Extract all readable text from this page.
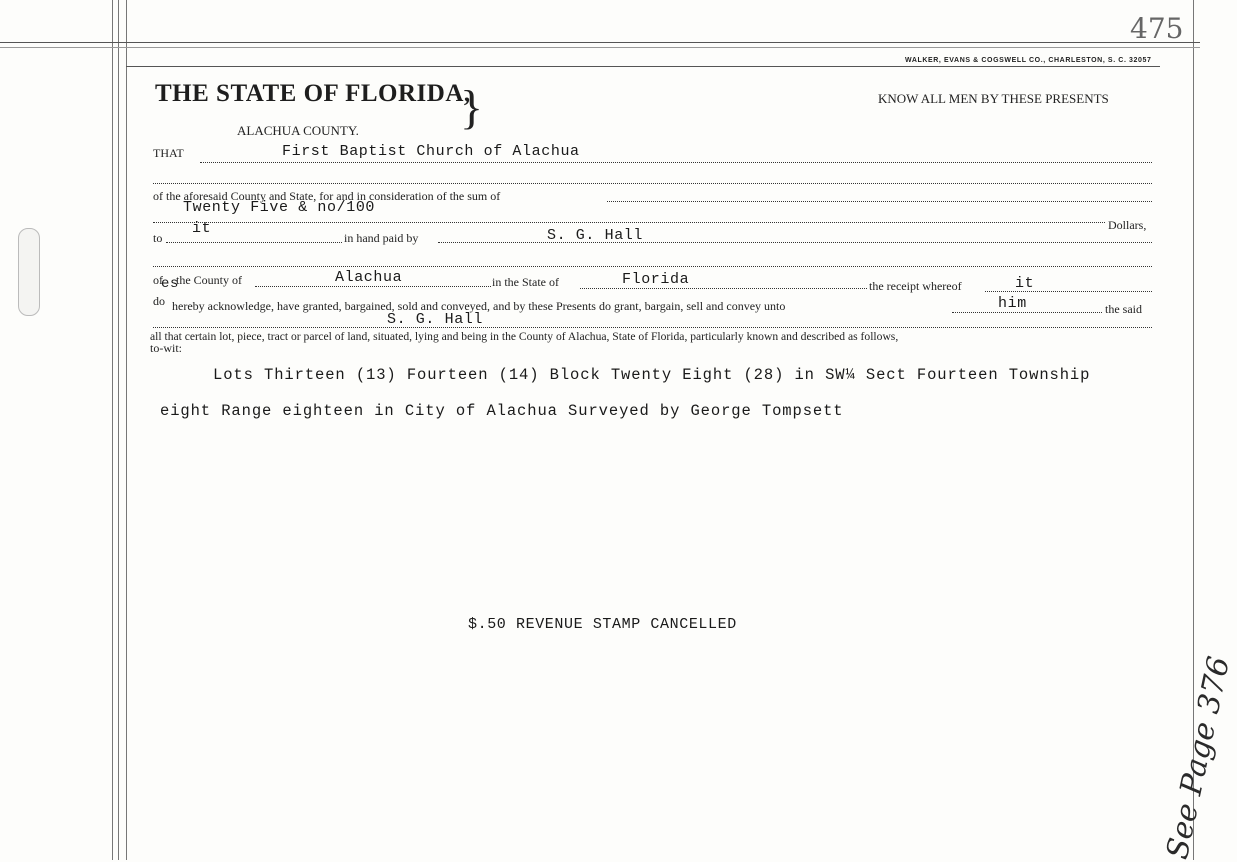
475
WALKER, EVANS & COGSWELL CO., CHARLESTON, S. C. 32057
THE STATE OF FLORIDA,
}	KNOW ALL MEN BY THESE PRESENTS
ALACHUA COUNTY.
THAT	First Baptist Church of Alachua
of the aforesaid County and State, for and in consideration of the sum of
Twenty Five & no/100
Dollars,
to
it
in hand paid by	S. G. Hall
of
es
the County of	Alachua	in the State of	Florida	the receipt whereof	it
do hereby acknowledge, have granted, bargained, sold and conveyed, and by these Presents do grant, bargain, sell and convey unto	him	the said
S. G. Hall
all that certain lot, piece, tract or parcel of land, situated, lying and being in the County of Alachua, State of Florida, particularly known and described as follows,
to-wit:
Lots Thirteen (13) Fourteen (14) Block Twenty Eight (28) in SW¼ Sect Fourteen Township
eight Range eighteen in City of Alachua Surveyed by George Tompsett
$.50 REVENUE STAMP CANCELLED
See Page 376
